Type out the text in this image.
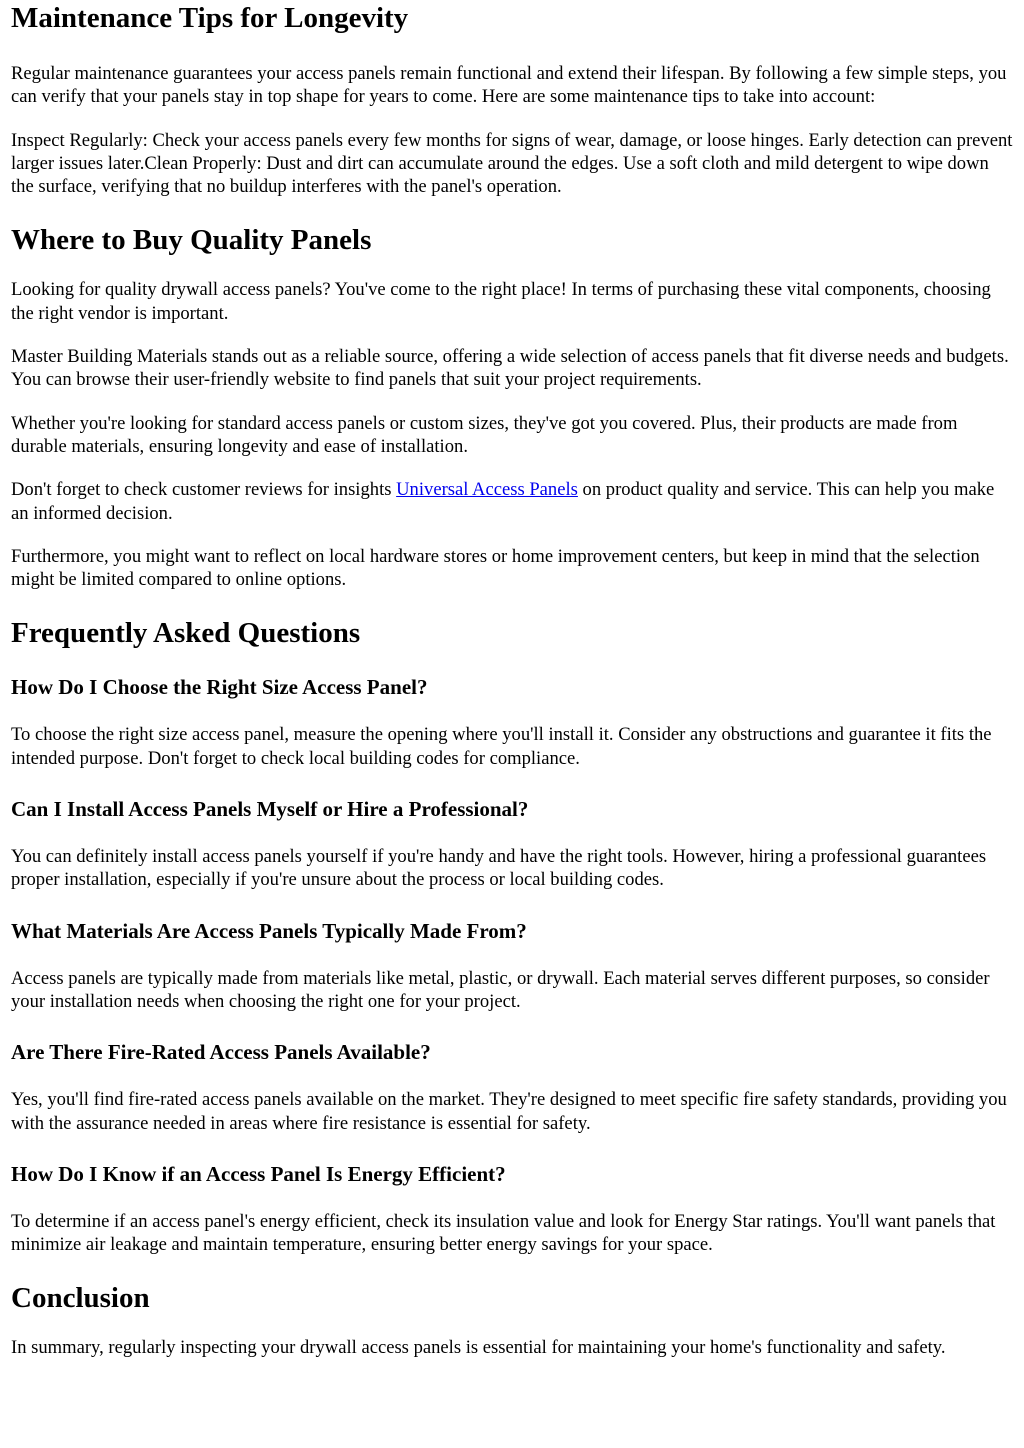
Maintenance Tips for Longevity

Regular maintenance guarantees your access panels remain functional and extend their lifespan. By following a few simple steps, you can verify that your panels stay in top shape for years to come. Here are some maintenance tips to take into account:

Inspect Regularly: Check your access panels every few months for signs of wear, damage, or loose hinges. Early detection can prevent larger issues later.Clean Properly: Dust and dirt can accumulate around the edges. Use a soft cloth and mild detergent to wipe down the surface, verifying that no buildup interferes with the panel's operation.

Where to Buy Quality Panels

Looking for quality drywall access panels? You've come to the right place! In terms of purchasing these vital components, choosing the right vendor is important.

Master Building Materials stands out as a reliable source, offering a wide selection of access panels that fit diverse needs and budgets. You can browse their user-friendly website to find panels that suit your project requirements.

Whether you're looking for standard access panels or custom sizes, they've got you covered. Plus, their products are made from durable materials, ensuring longevity and ease of installation.

Don't forget to check customer reviews for insights Universal Access Panels on product quality and service. This can help you make an informed decision.

Furthermore, you might want to reflect on local hardware stores or home improvement centers, but keep in mind that the selection might be limited compared to online options.

Frequently Asked Questions
How Do I Choose the Right Size Access Panel?

To choose the right size access panel, measure the opening where you'll install it. Consider any obstructions and guarantee it fits the intended purpose. Don't forget to check local building codes for compliance.

Can I Install Access Panels Myself or Hire a Professional?

You can definitely install access panels yourself if you're handy and have the right tools. However, hiring a professional guarantees proper installation, especially if you're unsure about the process or local building codes.

What Materials Are Access Panels Typically Made From?

Access panels are typically made from materials like metal, plastic, or drywall. Each material serves different purposes, so consider your installation needs when choosing the right one for your project.

Are There Fire-Rated Access Panels Available?

Yes, you'll find fire-rated access panels available on the market. They're designed to meet specific fire safety standards, providing you with the assurance needed in areas where fire resistance is essential for safety.

How Do I Know if an Access Panel Is Energy Efficient?

To determine if an access panel's energy efficient, check its insulation value and look for Energy Star ratings. You'll want panels that minimize air leakage and maintain temperature, ensuring better energy savings for your space.

Conclusion

In summary, regularly inspecting your drywall access panels is essential for maintaining your home's functionality and safety.
